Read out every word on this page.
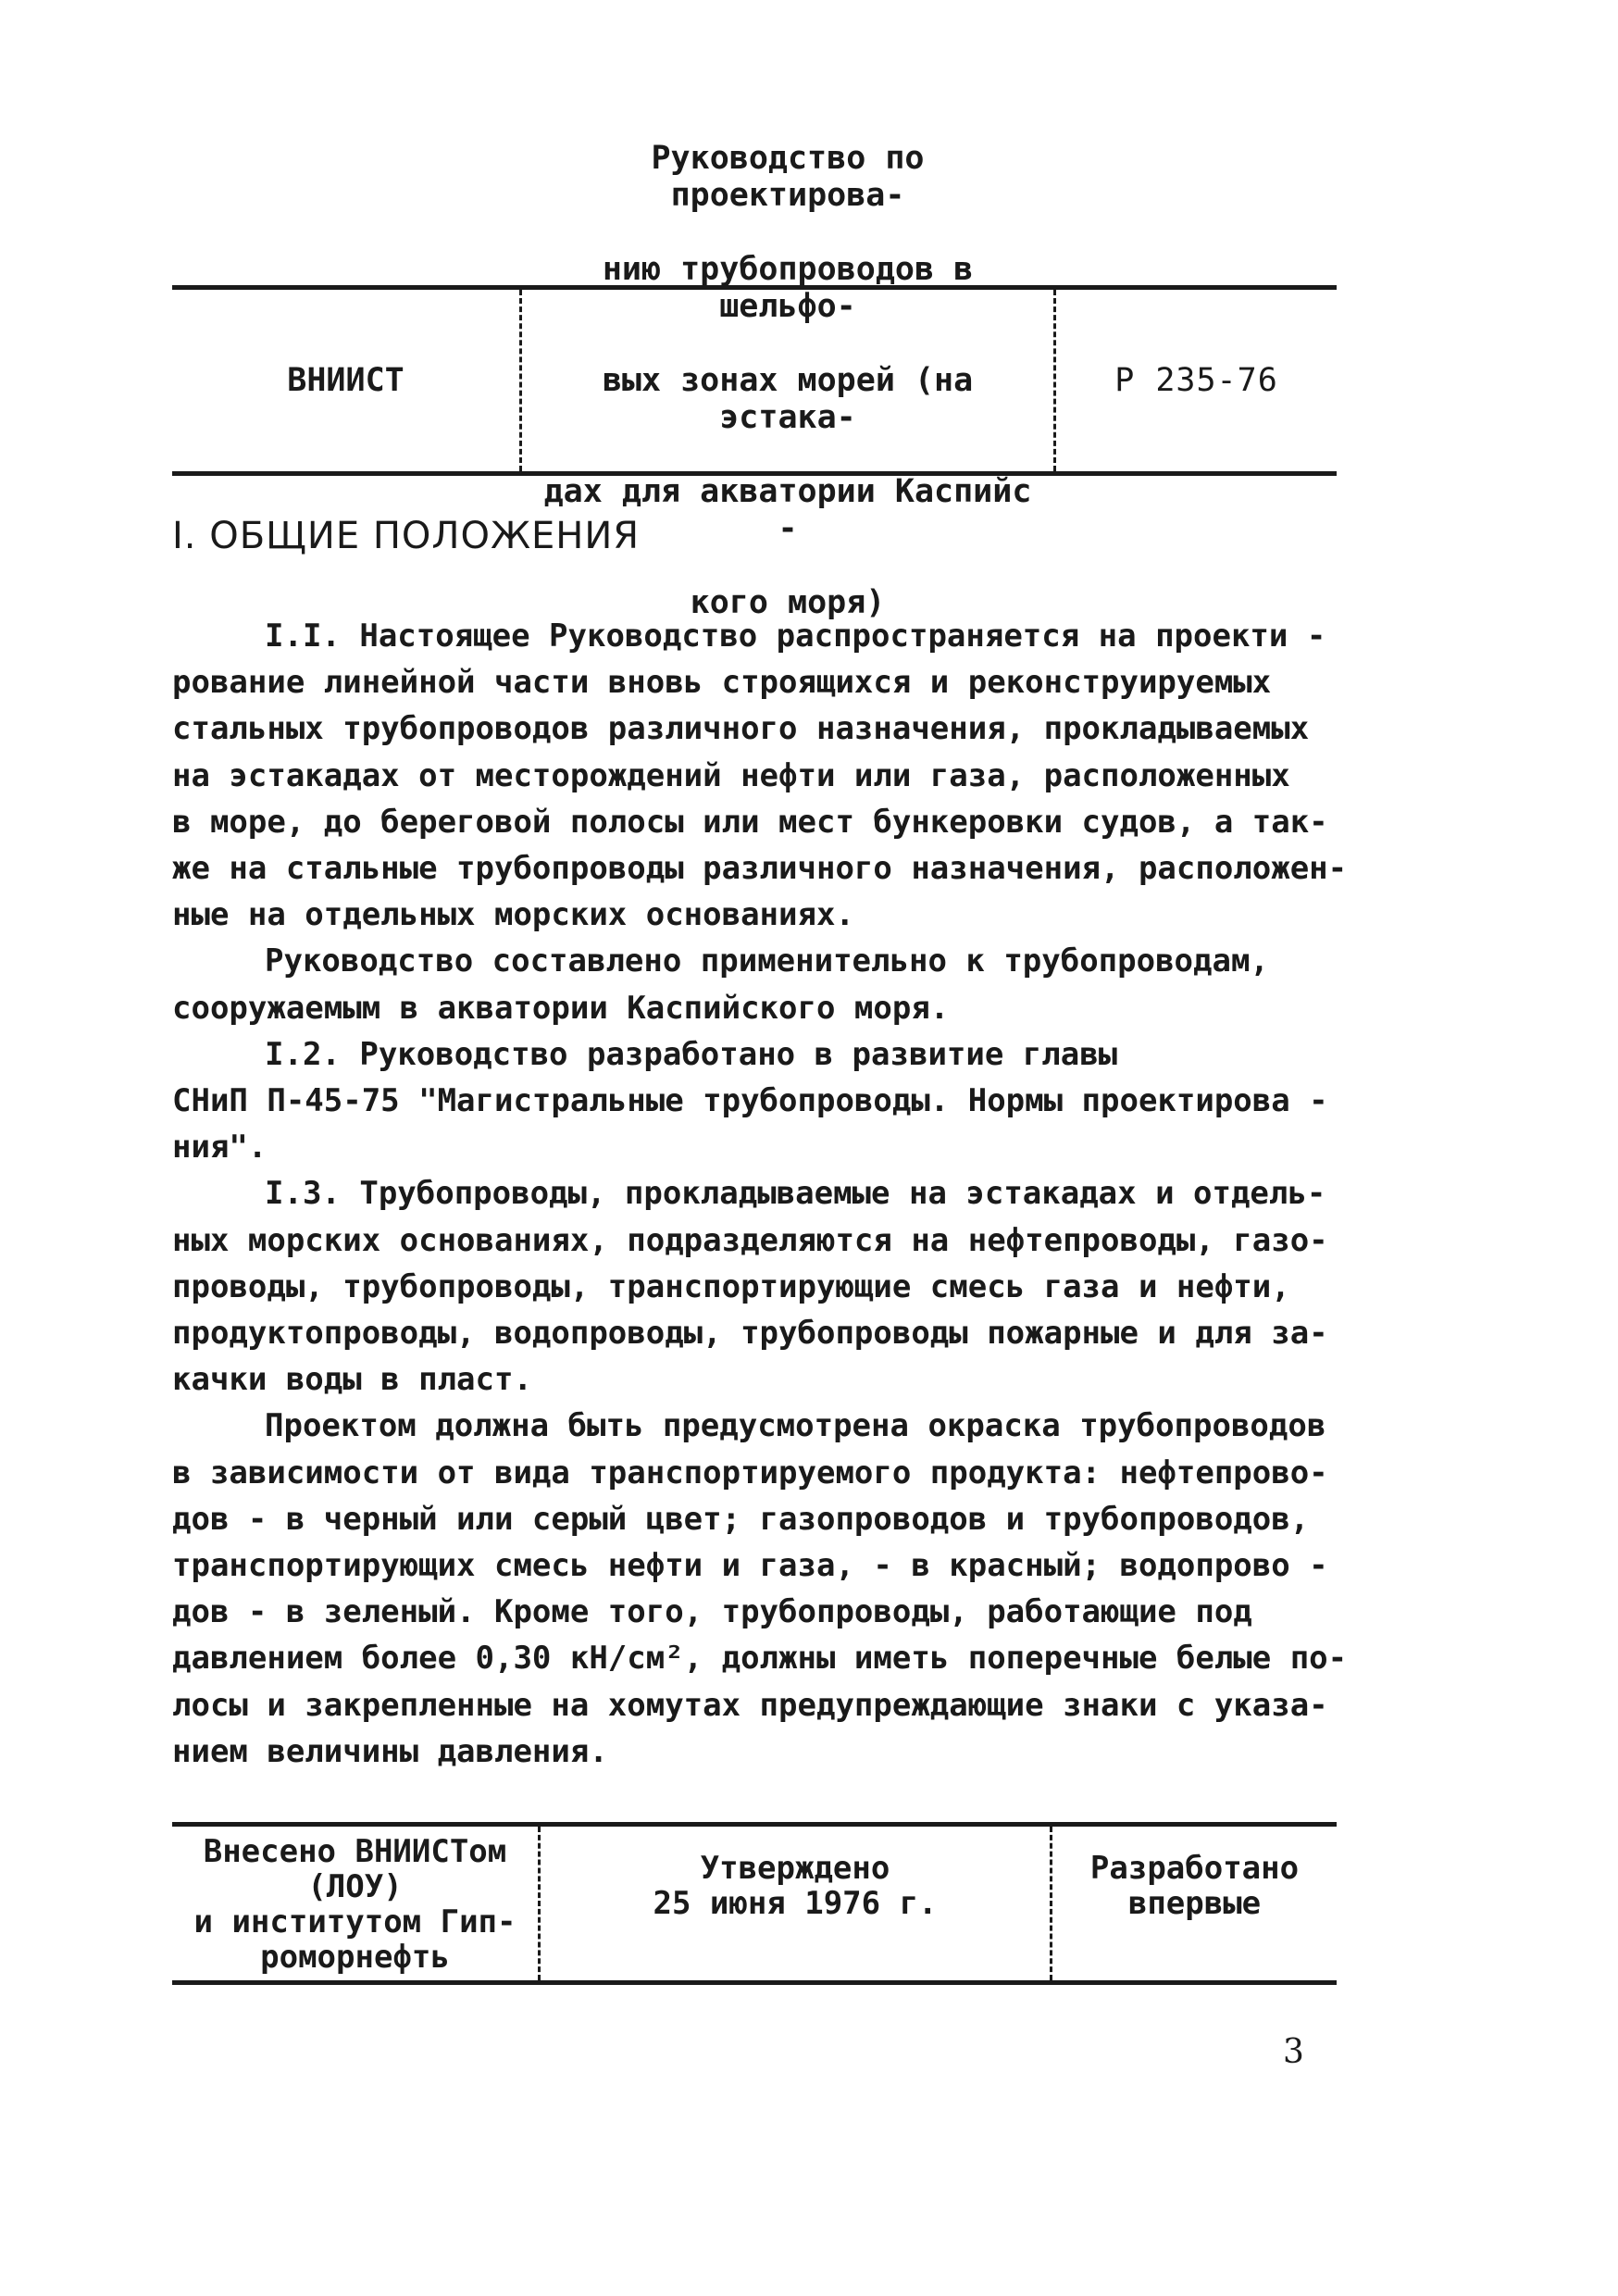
ВНИИСТ

Руководство по проектирова-

нию трубопроводов в шельфо-

вых зонах морей (на эстака-

дах для акватории Каспийс -

кого моря)

Р 235-76
I. ОБЩИЕ ПОЛОЖЕНИЯ

I.I. Настоящее Руководство распространяется на проекти -

рование линейной части вновь строящихся и реконструируемых

стальных трубопроводов различного назначения, прокладываемых

на эстакадах от месторождений нефти или газа, расположенных

в море, до береговой полосы или мест бункеровки судов, а так-

же на стальные трубопроводы различного назначения, расположен-

ные на отдельных морских основаниях.

Руководство составлено применительно к трубопроводам,

сооружаемым в акватории Каспийского моря.

I.2. Руководство разработано в развитие главы

СНиП П-45-75 "Магистральные трубопроводы. Нормы проектирова -

ния".

I.3. Трубопроводы, прокладываемые на эстакадах и отдель-

ных морских основаниях, подразделяются на нефтепроводы, газо-

проводы, трубопроводы, транспортирующие смесь газа и нефти,

продуктопроводы, водопроводы, трубопроводы пожарные и для за-

качки воды в пласт.

Проектом должна быть предусмотрена окраска трубопроводов

в зависимости от вида транспортируемого продукта: нефтепрово-

дов - в черный или серый цвет; газопроводов и трубопроводов,

транспортирующих смесь нефти и газа, - в красный; водопрово -

дов - в зеленый. Кроме того, трубопроводы, работающие под

давлением более 0,30 кН/см², должны иметь поперечные белые по-

лосы и закрепленные на хомутах предупреждающие знаки с указа-

нием величины давления.

Внесено ВНИИСТом
(ЛОУ)
и институтом Гип-
роморнефть
Утверждено
25 июня 1976 г.
Разработано
впервые
3
